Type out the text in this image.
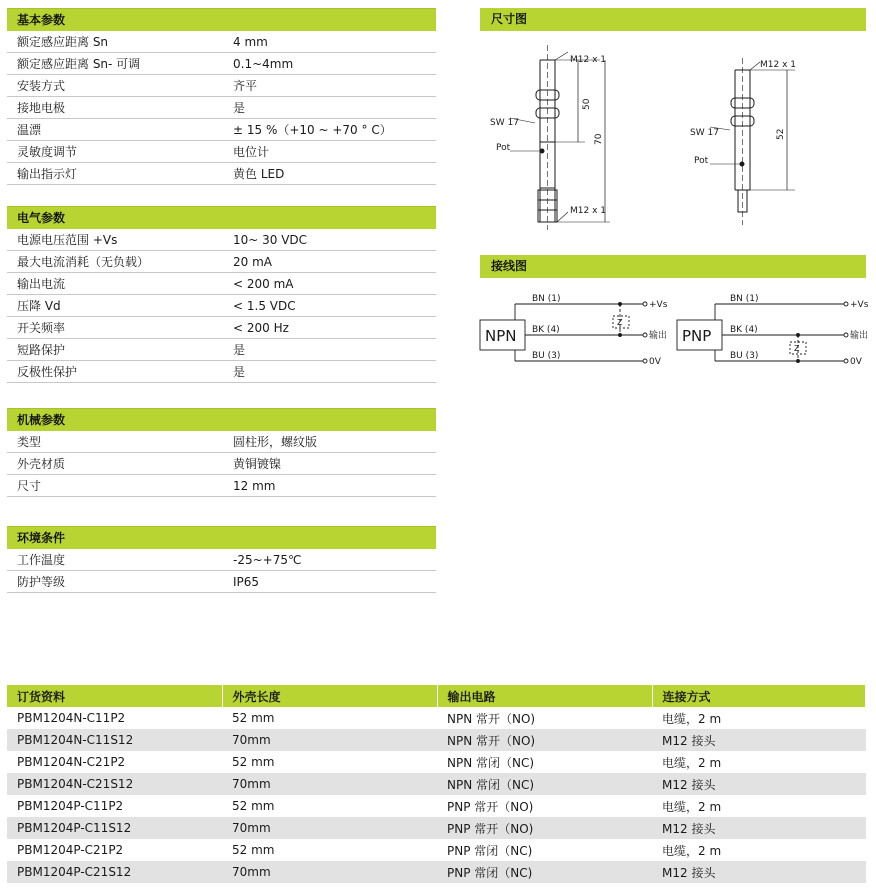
基本参数
额定感应距离 Sn	4 mm
额定感应距离 Sn- 可调	0.1~4mm
安装方式	齐平
接地电极	是
温漂	± 15 %（+10 ~ +70 ° C）
灵敏度调节	电位计
输出指示灯	黄色 LED
电气参数
电源电压范围 +Vs	10~ 30 VDC
最大电流消耗（无负载）	20 mA
输出电流	< 200 mA
压降 Vd	< 1.5 VDC
开关频率	< 200 Hz
短路保护	是
反极性保护	是
机械参数
类型	圆柱形，螺纹版
外壳材质	黄铜镀镍
尺寸	12 mm
环境条件
工作温度	-25~+75℃
防护等级	IP65
尺寸图
M12 x 1
M12 x 1
SW 17
Pot
50
70
M12 x 1
SW 17
Pot
52
接线图
NPN
BN (1)
BK (4)
BU (3)
Z
+Vs
输出
0V
PNP
BN (1)
BK (4)
BU (3)
Z
+Vs
输出
0V
订货资料	外壳长度	输出电路	连接方式
PBM1204N-C11P2	52 mm	NPN 常开（NO)	电缆，2 m
PBM1204N-C11S12	70mm	NPN 常开（NO)	M12 接头
PBM1204N-C21P2	52 mm	NPN 常闭（NC)	电缆，2 m
PBM1204N-C21S12	70mm	NPN 常闭（NC)	M12 接头
PBM1204P-C11P2	52 mm	PNP 常开（NO)	电缆，2 m
PBM1204P-C11S12	70mm	PNP 常开（NO)	M12 接头
PBM1204P-C21P2	52 mm	PNP 常闭（NC)	电缆，2 m
PBM1204P-C21S12	70mm	PNP 常闭（NC)	M12 接头
